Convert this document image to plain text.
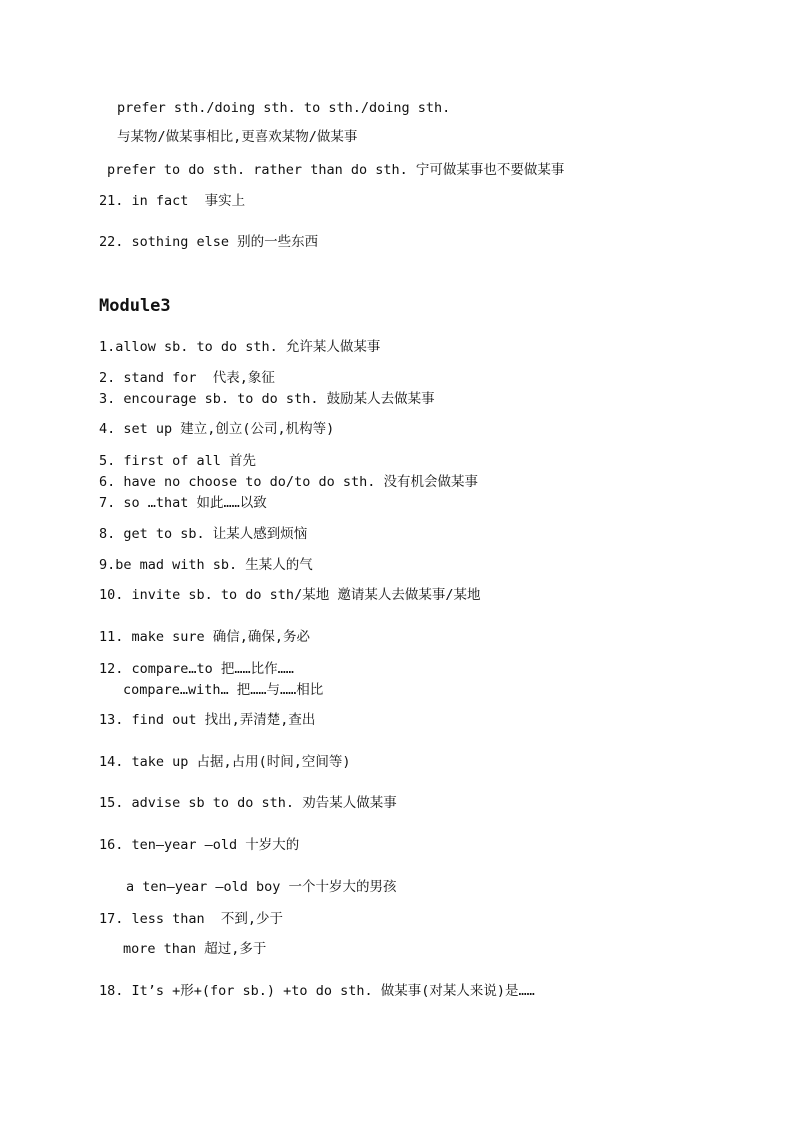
prefer sth./doing sth. to sth./doing sth.
与某物/做某事相比,更喜欢某物/做某事
prefer to do sth. rather than do sth. 宁可做某事也不要做某事
21. in fact  事实上
22. sothing else 别的一些东西
Module3
1.allow sb. to do sth. 允许某人做某事
2. stand for  代表,象征
3. encourage sb. to do sth. 鼓励某人去做某事
4. set up 建立,创立(公司,机构等)
5. first of all 首先
6. have no choose to do/to do sth. 没有机会做某事
7. so …that 如此……以致
8. get to sb. 让某人感到烦恼
9.be mad with sb. 生某人的气
10. invite sb. to do sth/某地 邀请某人去做某事/某地
11. make sure 确信,确保,务必
12. compare…to 把……比作……
compare…with… 把……与……相比
13. find out 找出,弄清楚,查出
14. take up 占据,占用(时间,空间等)
15. advise sb to do sth. 劝告某人做某事
16. ten—year –old 十岁大的
a ten—year –old boy 一个十岁大的男孩
17. less than  不到,少于
more than 超过,多于
18. It’s +形+(for sb.) +to do sth. 做某事(对某人来说)是……
